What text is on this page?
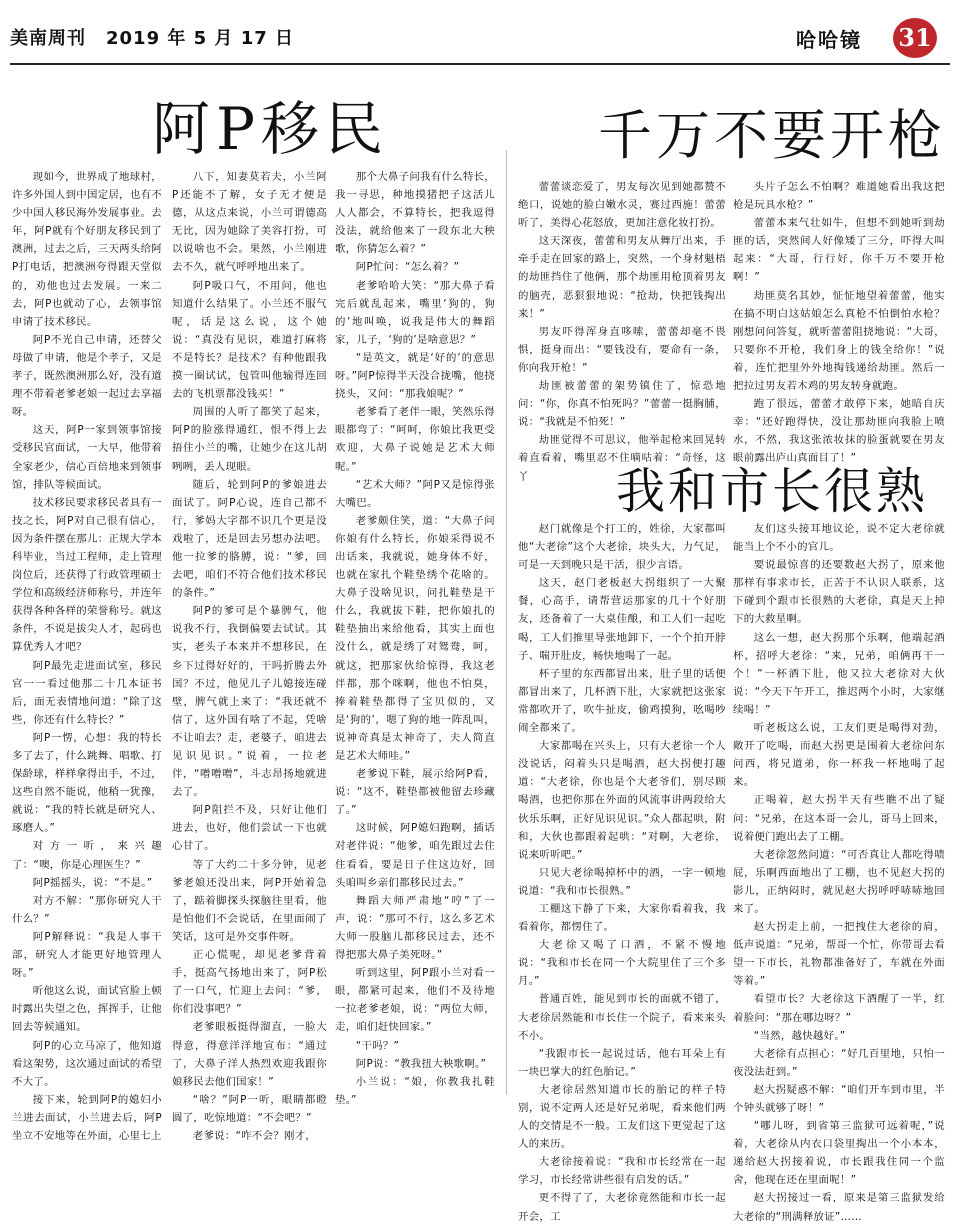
美南周刊 2019 年 5 月 17 日	哈哈镜 31
阿P移民	千万不要开枪
我和市长很熟

现如今，世界成了地球村，许多外国人到中国定居，也有不少中国人移民海外发展事业。去年，阿P就有个好朋友移民到了澳洲，过去之后，三天两头给阿P打电话，把澳洲夸得跟天堂似的，劝他也过去发展。一来二去，阿P也就动了心，去领事馆申请了技术移民。

阿P不光自己申请，还替父母做了申请，他是个孝子，又是孝子，既然澳洲那么好，没有道理不带着老爹老娘一起过去享福呀。

这天，阿P一家到领事馆接受移民官面试，一大早，他带着全家老少，信心百倍地来到领事馆，排队等候面试。

技术移民要求移民者具有一技之长，阿P对自己很有信心，因为条件摆在那儿：正规大学本科毕业，当过工程师，走上管理岗位后，还获得了行政管理硕士学位和高级经济师称号，并连年获得各种各样的荣誉称号。就这条件，不说是拔尖人才，起码也算优秀人才吧？

阿P最先走进面试室，移民官一一看过他那二十几本证书后，面无表情地问道：“除了这些，你还有什么特长？”

阿P一愣，心想：我的特长多了去了，什么跳舞、唱歌、打保龄球，样样拿得出手，不过，这些自然不能说，他稍一犹豫，就说：“我的特长就是研究人、琢磨人。”

对方一听，来兴趣了：“噢，你是心理医生？”

阿P摇摇头，说：“不是。”

对方不解：“那你研究人干什么？”

阿P解释说：“我是人事干部，研究人才能更好地管理人呀。”

听他这么说，面试官脸上顿时露出失望之色，挥挥手，让他回去等候通知。

阿P的心立马凉了，他知道看这架势，这次通过面试的希望不大了。

接下来，轮到阿P的媳妇小兰进去面试，小兰进去后，阿P坐立不安地等在外面，心里七上

八下，知妻莫若夫，小兰阿P还能不了解，女子无才便是德，从这点来说，小兰可谓德高无比，因为她除了美容打扮，可以说啥也不会。果然，小兰刚进去不久，就气呼呼地出来了。

阿P吸口气，不用问，他也知道什么结果了。小兰还不服气呢，话是这么说，这个她说：“真没有见识，难道打麻将不是特长？是技术？有种他跟我摸一圈试试，包管叫他输得连回去的飞机票都没钱买！”

周围的人听了都笑了起来，阿P的脸涨得通红，恨不得上去捂住小兰的嘴，让她少在这儿胡咧咧，丢人现眼。

随后，轮到阿P的爹娘进去面试了。阿P心说，连自己都不行，爹妈大字都不识几个更是没戏啦了，还是回去另想办法吧。他一拉爹的胳膊，说：“爹，回去吧，咱们不符合他们技术移民的条件。”

阿P的爹可是个暴脾气，他说我不行，我倒偏要去试试。其实，老头子本来并不想移民，在乡下过得好好的，干吗折腾去外国？不过，他见儿子儿媳接连碰壁，脾气就上来了：“我还就不信了，这外国有啥了不起，凭啥不让咱去？走，老婆子，咱进去见识见识。”说着，一拉老伴，“噌噌噌”，斗志昂扬地就进去了。

阿P阻拦不及，只好让他们进去，也好，他们尝试一下也就心甘了。

等了大约二十多分钟，见老爹老娘还没出来，阿P开始着急了，踮着脚探头探脑往里看，他是怕他们不会说话，在里面闹了笑话，这可是外交事件呀。

正心慌呢，却见老爹背着手，挺高气扬地出来了，阿P松了一口气，忙迎上去问：“爹，你们没事吧？”

老爹眼板挺得溜直，一脸大得意，得意洋洋地宣布：“通过了，大鼻子洋人热烈欢迎我跟你娘移民去他们国家！”

“啥？”阿P一听，眼睛都瞪圆了，吃惊地道：“不会吧？”

老爹说：“咋不会？刚才，

那个大鼻子问我有什么特长，我一寻思，种地摸猪把子这活儿人人都会，不算特长，把我逗得没法，就给他来了一段东北大秧歌，你猜怎么着？”

阿P忙问：“怎么着？”

老爹哈哈大笑：“那大鼻子看完后就乱起来，嘴里‘狗的，狗的’地叫唤，说我是伟大的舞蹈家，儿子，‘狗的’是啥意思？”

“是英文，就是‘好的’的意思呀。”阿P惊得半天没合拢嘴，他挠挠头，又问：“那我娘呢？”

老爹看了老伴一眼，笑然乐得眼都弯了：“呵呵，你娘比我更受欢迎，大鼻子说她是艺术大师呢。”

“艺术大师？”阿P又是惊得张大嘴巴。

老爹颇住笑，道：“大鼻子问你娘有什么特长，你娘采得说不出话来，我就说，她身体不好，也就在家扎个鞋垫绣个花啥的。大鼻子没啥见识，问扎鞋垫是干什么，我就拔下鞋，把你娘扎的鞋垫抽出来给他看，其实上面也没什么，就是绣了对鸳鸯，呵，就这，把那家伙给惊得，我这老伴都，那个咪啊，他也不怕臭，捧着鞋垫都得了宝贝似的，又是‘狗的’，嗯了狗的地一阵乱叫，说神奇真是太神奇了，夫人简直是艺术大师哇。”

老爹说下鞋，展示给阿P看，说：“这不，鞋垫都被他留去珍藏了。”

这时候，阿P媳妇跑啊，插话对老伴说：“他爹，咱先跟过去住住看看，要是日子住这边好，回头咱叫乡亲们都移民过去。”

舞蹈大师严肃地“哼”了一声，说：“那可不行，这么多艺术大师一股脑儿都移民过去，还不得把那大鼻子美死呀。”

听到这里，阿P跟小兰对看一眼，都紧可起来，他们不及待地一拉老爹老娘，说：“两位大师，走，咱们赶快回家。”

“干吗？”

阿P说：“教我扭大秧歌啊。”

小兰说：“娘，你教我扎鞋垫。”

蕾蕾谈恋爱了，男友每次见到她都赞不绝口，说她的脸白嫩水灵，赛过西施！蕾蕾听了，美得心花怒放，更加注意化妆打扮。

这天深夜，蕾蕾和男友从舞厅出来，手牵手走在回家的路上，突然，一个身材魁梧的劫匪挡住了他俩，那个劫匪用枪顶着男友的脑壳，恶狠狠地说：“抢劫，快把钱掏出来！”

男友吓得浑身直哆嗦，蕾蕾却毫不畏惧，挺身而出：“要钱没有，要命有一条，你向我开枪！”

劫匪被蕾蕾的架势镇住了，惊恐地问：“你，你真不怕死吗？”蕾蕾一挺胸脯，说：“我就是不怕死！”

劫匪觉得不可思议，他举起枪来回晃转着直看着，嘴里忍不住嘀咕着：“奇怪，这丫

头片子怎么不怕啊？难道她看出我这把枪是玩具水枪？”

蕾蕾本来气壮如牛，但想不到她听到劫匪的话，突然间人好像矮了三分，吓得大叫起来：“大哥，行行好，你千万不要开枪啊！”

劫匪莫名其妙，怔怔地望着蕾蕾，他实在搞不明白这姑娘怎么真枪不怕倒怕水枪？刚想问问答复，就听蕾蕾阻挠地说：“大哥，只要你不开枪，我们身上的钱全给你！”说着，连忙把里外外地掏钱递给劫匪。然后一把拉过男友若木鸡的男友转身就跑。

跑了很远，蕾蕾才敢停下来，她暗自庆幸：“还好跑得快，没让那劫匪向我脸上喷水，不然，我这张浓妆抹的脸蛋就要在男友眼前露出庐山真面目了！”

赵门就像是个打工的，姓徐，大家都叫他“大老徐”这个大老徐，块头大，力气足，可是一天到晚只是干活，很少言语。

这天，赵门老板赵大拐组织了一大聚餐，心高手，请帮营运那家的几十个好朋友，还备着了一大桌佳酿，和工人们一起吃喝，工人们推里导张地卸下，一个个拍开脖子、喘开肚皮，畅快地喝了一起。

杯子里的东西都冒出来，肚子里的话便都冒出来了，几杯酒下肚，大家就把这张家常都吹开了，吹牛扯皮，偷鸡摸狗，吆喝吵闹全都来了。

大家都喝在兴头上，只有大老徐一个人没说话，闷着头只是喝酒，赵大拐便打趣道：“大老徐，你也是个大老爷们，别尽顾喝酒，也把你那在外面的风流事讲两段给大伙乐乐啊，正好见识见识。”众人都起哄，附和，大伙也都跟着起哄：“对啊，大老徐，说来听听吧。”

只见大老徐喝掉杯中的酒，一字一顿地说道：“我和市长很熟。”

工棚这下静了下来，大家你看着我，我看着你，都愣住了。

大老徐又喝了口酒，不紧不慢地说：“我和市长在同一个大院里住了三个多月。”

普通百姓，能见到市长的面就不错了，大老徐居然能和市长住一个院子，看来来头不小。

“我跟市长一起说过话，他右耳朵上有一块巴掌大的红色胎记。”

大老徐居然知道市长的胎记的样子特别，说不定两人还是好兄弟呢，看来他们两人的交情是不一般。工友们这下更觉起了这人的来历。

大老徐接着说：“我和市长经常在一起学习，市长经常讲些很有启发的话。”

更不得了了，大老徐竟然能和市长一起开会，工

友们这头接耳地议论，说不定大老徐就能当上个不小的官儿。

要说最惊喜的还要数赵大拐了，原来他那样有事求市长，正苦于不认识人联系，这下碰到个跟市长很熟的大老徐，真是天上掉下的大救星啊。

这么一想，赵大拐那个乐啊，他端起酒杯，招呼大老徐：“来，兄弟，咱俩再干一个！”一杯酒下肚，他又拉大老徐对大伙说：“今天下午开工，推迟两个小时，大家继续喝！”

听老板这么说，工友们更是喝得对劲，敞开了吃喝，而赵大拐更是围着大老徐问东问西，将兄道弟，你一杯我一杯地喝了起来。

正喝着，赵大拐半天有些瞧不出了疑问：“兄弟，在这本哥一会儿，哥马上回来，说着便门跑出去了工棚。

大老徐忽然问道：“可否真让人都吃得啧屁，乐啊西面地出了工棚，也不见赵大拐的影儿，正纳闷时，就见赵大拐呼呼哧哧地回来了。

赵大拐走上前，一把拽住大老徐的肩，低声说道：“兄弟，帮哥一个忙，你带哥去看望一下市长，礼物都准备好了，车就在外面等着。”

看望市长？大老徐这下酒醒了一半，红着脸问：“那在哪边呀？”

“当然，越快越好。”

大老徐有点担心：“好几百里地，只怕一夜没法赶到。”

赵大拐疑惑不解：“咱们开车到市里，半个钟头就够了呀！”

“哪儿呀，到省第三监狱可远着呢，”说着，大老徐从内衣口袋里掏出一个小本本，递给赵大拐接着说，市长跟我住同一个监舍，他现在还在里面呢！”

赵大拐接过一看，原来是第三监狱发给大老徐的“刑满释放证”……
